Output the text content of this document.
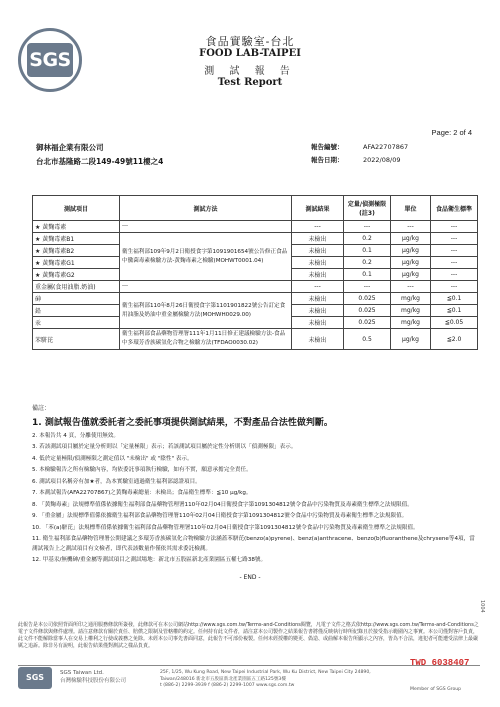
SGS
食品實驗室-台北
FOOD LAB-TAIPEI
測 試 報 告
Test Report
Page: 2 of 4
御林福企業有限公司
台北市基隆路二段149-49號11樓之4
報告編號：	AFA22707867
報告日期：	2022/08/09
測試項目	測試方法	測試結果	定量/偵測極限(註3)	單位	食品衛生標準
★ 黃麴毒素	---	---	---	---	---
★ 黃麴毒素B1	衛生福利部109年9月2日衛授食字第1091901654號公告修正食品中黴菌毒素檢驗方法-黃麴毒素之檢驗(MOHWT0001.04)	未檢出	0.2	μg/kg	---
★ 黃麴毒素B2		未檢出	0.1	μg/kg	---
★ 黃麴毒素G1		未檢出	0.2	μg/kg	---
★ 黃麴毒素G2		未檢出	0.1	μg/kg	---
重金屬(食用油脂.奶油)	---	---	---	---	---
砷	衛生福利部110年8月26日衛授食字第1101901822號公告訂定食用油脂及奶油中重金屬檢驗方法(MOHWH0029.00)	未檢出	0.025	mg/kg	≦0.1
鉛		未檢出	0.025	mg/kg	≦0.1
汞		未檢出	0.025	mg/kg	≦0.05
苯駢芘	衛生福利部食品藥物管理署111年1月11日修正建議檢驗方法-食品中多環芳香族碳氫化合物之檢驗方法(TFDAO0030.02)	未檢出	0.5	μg/kg	≦2.0

備註：

1. 測試報告僅就委託者之委託事項提供測試結果，不對產品合法性做判斷。

2. 本報告共 4 頁，分離使用無效。

3. 若該測試項目屬於定量分析則以「定量極限」表示；若該測試項目屬於定性分析則以「偵測極限」表示。

4. 低於定量極限/偵測極限之測定值以 "未檢出" 或 "陰性" 表示。

5. 本檢驗報告之所有檢驗內容，均依委託事項執行檢驗，如有不實，願意承擔完全責任。

6. 測試項目名稱旁有加★者，為本實驗室通過衛生福利部認證項目。

7. 本測試報告(AFA22707867)之黃麴毒素總量：未檢出；食品衛生標準：≦10 μg/kg。

8. 「黃麴毒素」法規標準值係依據衛生福利部食品藥物管理署110年02月04日衛授食字第1091304812號令食品中污染物質及毒素衛生標準之法規限值。

9. 「重金屬」法規標準值係依據衛生福利部食品藥物管理署110年02月04日衛授食字第1091304812號令食品中污染物質及毒素衛生標準之法規限值。

10. 「苯(a)駢芘」法規標準值係依據衛生福利部食品藥物管理署110年02月04日衛授食字第1091304812號令食品中污染物質及毒素衛生標準之法規限值。

11. 衛生福利部食品藥物管理署公開建議之多環芳香族碳氫化合物檢驗方法涵蓋苯駢芘(benzo(a)pyrene)、benz(a)anthracene、benzo(b)fluoranthene及chrysene等4項，當測試報告上之測試項目有文檢者，即代表該數量作僅依其需求委託檢測。

12. 甲基汞/無機砷/重金屬等測試項目之測試場地：新北市五股區新北產業園區五權七路38號。

- END -
此報告是本公司依照背面所印之通用服務條款所簽發，此條款可在本公司網站http://www.sgs.com.tw/Terms-and-Conditions閱覽，凡電子文件之格式依http://www.sgs.com.tw/Terms-and-Conditions之電子文件條款與條件處理。請注意條款有關於責任、賠償之限制及管轄權的約定。任何持有此文件者，請注意本公司製作之結果報告書將僅反映執行時所紀錄且於接受指示範圍內之事實。本公司僅對客戶負責，此文件不能解除當事人在交易上權利之行使或義務之免除。未經本公司事先書面同意，此報告不可部份複製。任何未經授權的變更、偽造、或曲解本報告所顯示之內容，皆為不合法，違犯者可能遭受法律上最嚴厲之追訴。除非另有說明，此報告結果僅對測試之樣品負責。
SGS	SGS Taiwan Ltd.
台灣檢驗科技股份有限公司
25F, 1/25, Wu Kung Road, New Taipei Industrial Park, Wu Ku District, New Taipei City 24890, Taiwan/248016 新北市五股區新北產業園區五工路125號3樓
t (886-2) 2299-3939 f (886-2) 2299-1007 www.sgs.com.tw
TWD 6038407
Member of SGS Group
1004
